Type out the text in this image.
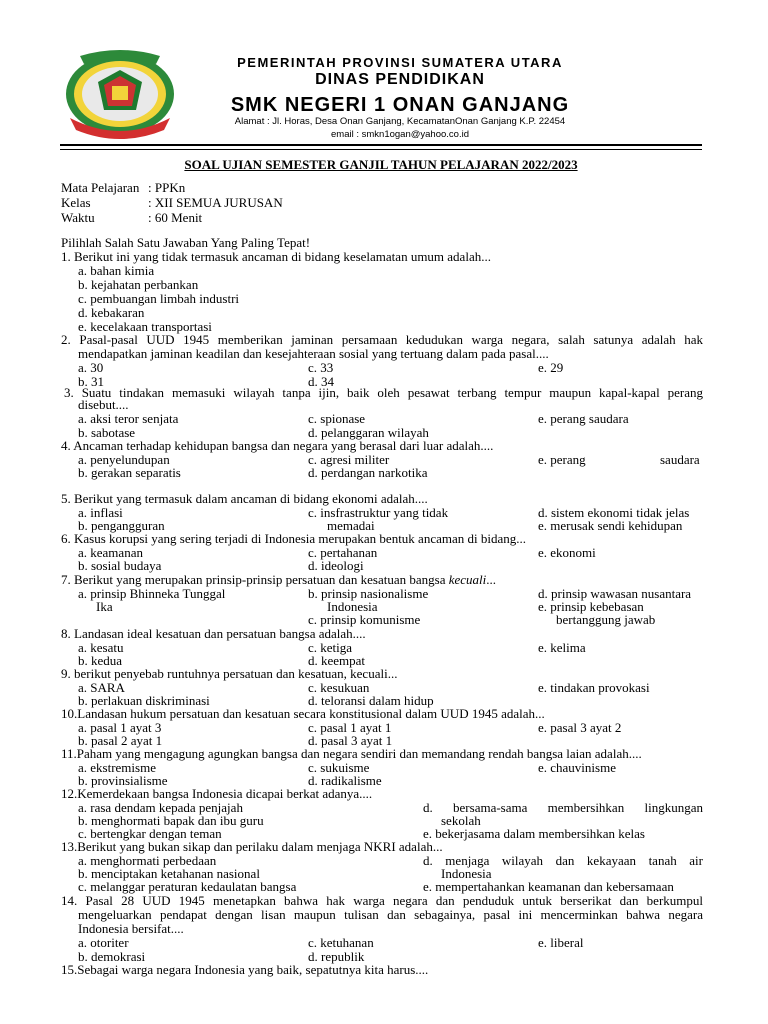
PEMERINTAH PROVINSI SUMATERA UTARA
DINAS PENDIDIKAN
SMK NEGERI 1 ONAN GANJANG
Alamat : Jl. Horas, Desa Onan Ganjang, KecamatanOnan Ganjang K.P. 22454
email : smkn1ogan@yahoo.co.id
SOAL UJIAN SEMESTER GANJIL TAHUN PELAJARAN 2022/2023
Mata Pelajaran : PPKn
Kelas	: XII SEMUA JURUSAN
Waktu	: 60 Menit
Pilihlah Salah Satu Jawaban Yang Paling Tepat!
1. Berikut ini yang tidak termasuk ancaman di bidang keselamatan umum adalah...
a. bahan kimia
b. kejahatan perbankan
c. pembuangan limbah industri
d. kebakaran
e. kecelakaan transportasi
2. Pasal-pasal UUD 1945 memberikan jaminan persamaan kedudukan warga negara, salah satunya adalah hak
mendapatkan jaminan keadilan dan kesejahteraan sosial yang tertuang dalam pada pasal....
a. 30
b. 31
c. 33
d. 34
e. 29
3. Suatu tindakan memasuki wilayah tanpa ijin, baik oleh pesawat terbang tempur maupun kapal-kapal perang
disebut....
a. aksi teror senjata
b. sabotase
c. spionase
d. pelanggaran wilayah
e. perang saudara
4. Ancaman terhadap kehidupan bangsa dan negara yang berasal dari luar adalah....
a. penyelundupan
b. gerakan separatis
c. agresi militer
d. perdangan narkotika
e. perang	saudara
5. Berikut yang termasuk dalam ancaman di bidang ekonomi adalah....
a. inflasi
b. pengangguran
c. insfrastruktur yang tidak
memadai
d. sistem ekonomi tidak jelas
e. merusak sendi kehidupan
6. Kasus korupsi yang sering terjadi di Indonesia merupakan bentuk ancaman di bidang...
a. keamanan
b. sosial budaya
c. pertahanan
d. ideologi
e. ekonomi
7. Berikut yang merupakan prinsip-prinsip persatuan dan kesatuan bangsa kecuali...
a. prinsip Bhinneka Tunggal
Ika
b. prinsip nasionalisme
Indonesia
c. prinsip komunisme
d. prinsip wawasan nusantara
e. prinsip kebebasan
bertanggung jawab
8. Landasan ideal kesatuan dan persatuan bangsa adalah....
a. kesatu
b. kedua
c. ketiga
d. keempat
e. kelima
9. berikut penyebab runtuhnya persatuan dan kesatuan, kecuali...
a. SARA
b. perlakuan diskriminasi
c. kesukuan
d. teloransi dalam hidup
e. tindakan provokasi
10.Landasan hukum persatuan dan kesatuan secara konstitusional dalam UUD 1945 adalah...
a. pasal 1 ayat 3
b. pasal 2 ayat 1
c. pasal 1 ayat 1
d. pasal 3 ayat 1
e. pasal 3 ayat 2
11.Paham yang mengagung agungkan bangsa dan negara sendiri dan memandang rendah bangsa laian adalah....
a. ekstremisme
b. provinsialisme
c. sukuisme
d. radikalisme
e. chauvinisme
12.Kemerdekaan bangsa Indonesia dicapai berkat adanya....
a. rasa dendam kepada penjajah
b. menghormati bapak dan ibu guru
c. bertengkar dengan teman
d. bersama-sama membersihkan lingkungan
sekolah
e. bekerjasama dalam membersihkan kelas
13.Berikut yang bukan sikap dan perilaku dalam menjaga NKRI adalah...
a. menghormati perbedaan
b. menciptakan ketahanan nasional
c. melanggar peraturan kedaulatan bangsa
d. menjaga wilayah dan kekayaan tanah air
Indonesia
e. mempertahankan keamanan dan kebersamaan
14. Pasal 28 UUD 1945 menetapkan bahwa hak warga negara dan penduduk untuk berserikat dan berkumpul
mengeluarkan pendapat dengan lisan maupun tulisan dan sebagainya, pasal ini mencerminkan bahwa negara
Indonesia bersifat....
a. otoriter
b. demokrasi
c. ketuhanan
d. republik
e. liberal
15.Sebagai warga negara Indonesia yang baik, sepatutnya kita harus....
